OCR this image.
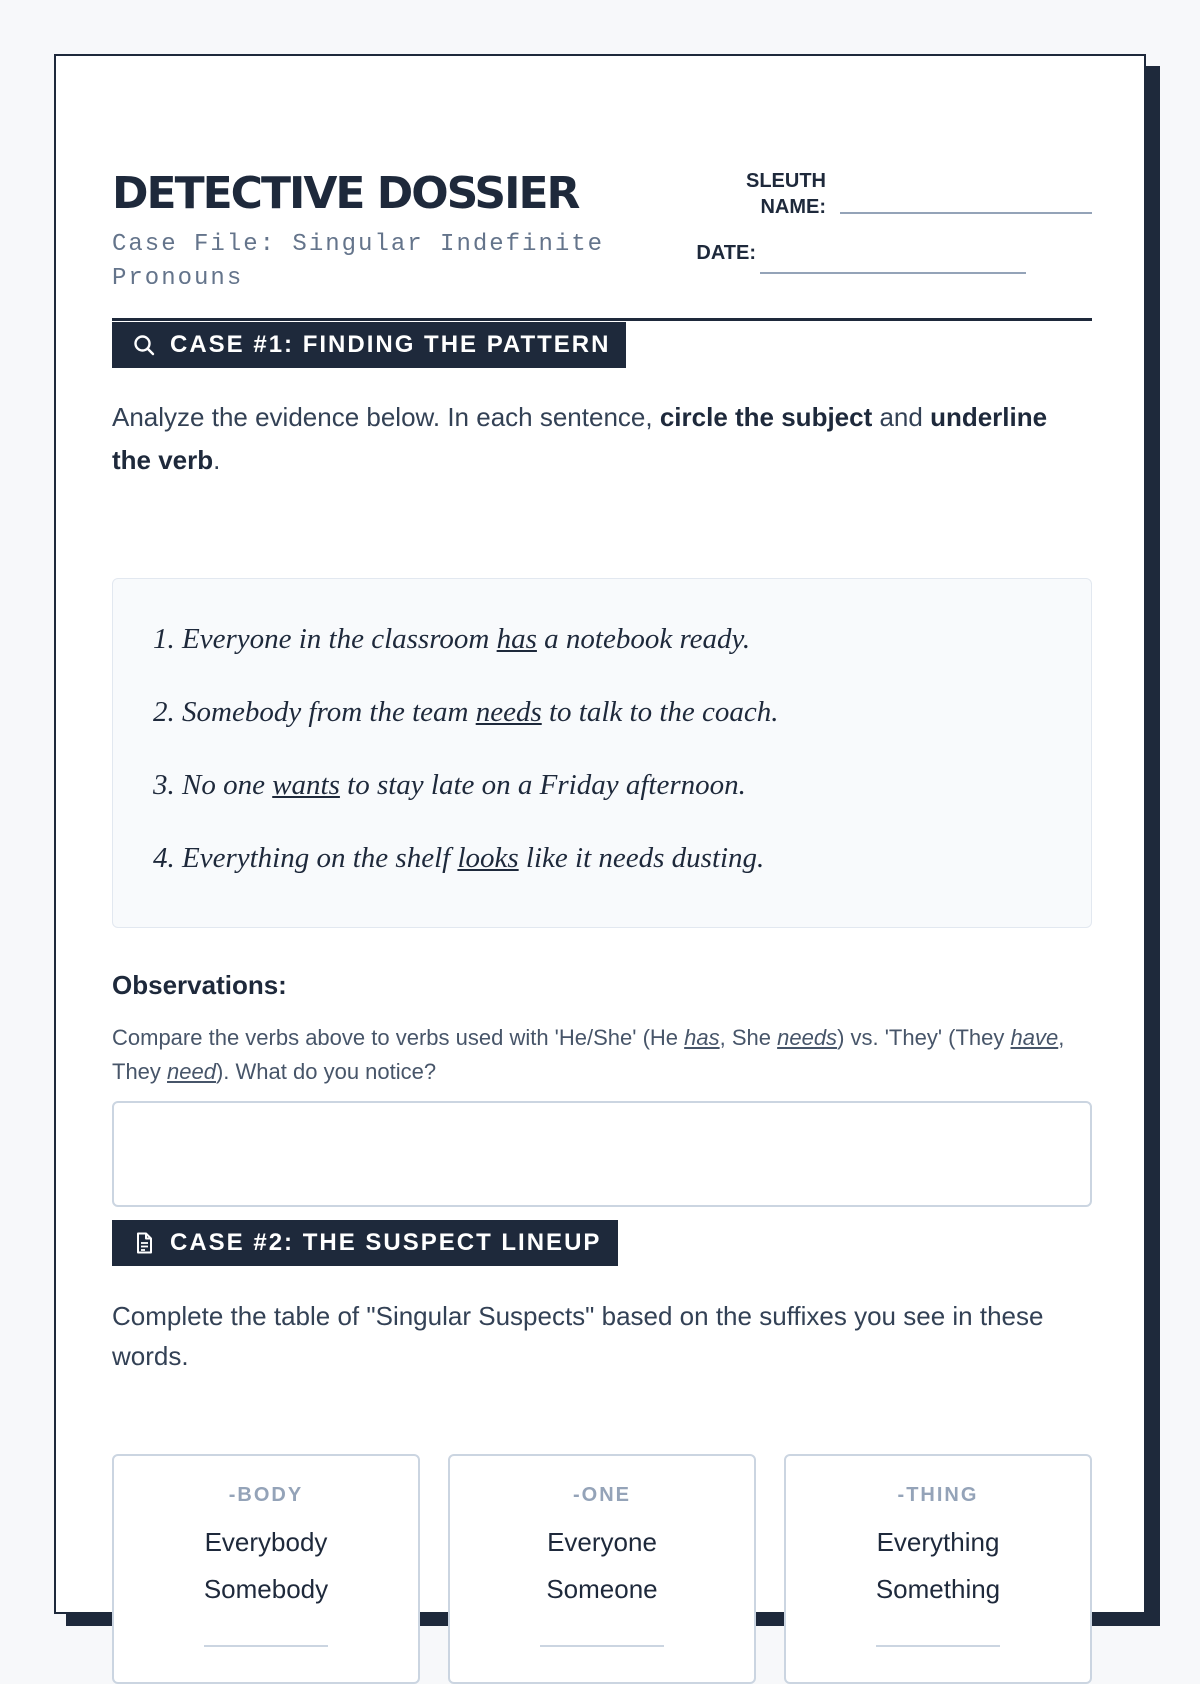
DETECTIVE DOSSIER
Case File: Singular Indefinite Pronouns
SLEUTH NAME:
DATE:
CASE #1: FINDING THE PATTERN
Analyze the evidence below. In each sentence, circle the subject and underline the verb.
1. Everyone in the classroom has a notebook ready.
2. Somebody from the team needs to talk to the coach.
3. No one wants to stay late on a Friday afternoon.
4. Everything on the shelf looks like it needs dusting.
Observations:
Compare the verbs above to verbs used with 'He/She' (He has, She needs) vs. 'They' (They have, They need). What do you notice?
CASE #2: THE SUSPECT LINEUP
Complete the table of "Singular Suspects" based on the suffixes you see in these words.
-BODY
Everybody
Somebody
-ONE
Everyone
Someone
-THING
Everything
Something
